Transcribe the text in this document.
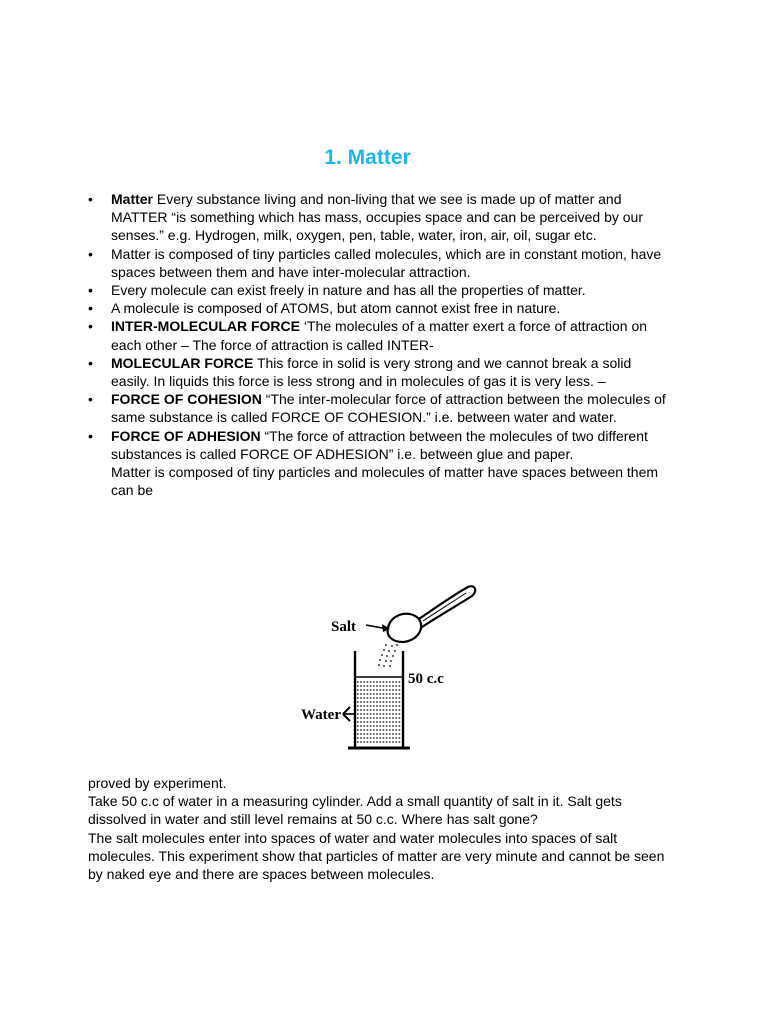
1. Matter
•	Matter Every substance living and non-living that we see is made up of matter and MATTER “is something which has mass, occupies space and can be perceived by our senses.” e.g. Hydrogen, milk, oxygen, pen, table, water, iron, air, oil, sugar etc.
•	Matter is composed of tiny particles called molecules, which are in constant motion, have spaces between them and have inter-molecular attraction.
•	Every molecule can exist freely in nature and has all the properties of matter.
•	A molecule is composed of ATOMS, but atom cannot exist free in nature.
•	INTER-MOLECULAR FORCE ‘The molecules of a matter exert a force of attraction on each other – The force of attraction is called INTER-
•	MOLECULAR FORCE This force in solid is very strong and we cannot break a solid easily. In liquids this force is less strong and in molecules of gas it is very less. –
•	FORCE OF COHESION “The inter-molecular force of attraction between the molecules of same substance is called FORCE OF COHESION.” i.e. between water and water.
•	FORCE OF ADHESION “The force of attraction between the molecules of two different substances is called FORCE OF ADHESION” i.e. between glue and paper.
Matter is composed of tiny particles and molecules of matter have spaces between them can be
Salt
50 c.c
Water

proved by experiment.

Take 50 c.c of water in a measuring cylinder. Add a small quantity of salt in it. Salt gets dissolved in water and still level remains at 50 c.c. Where has salt gone?

The salt molecules enter into spaces of water and water molecules into spaces of salt molecules. This experiment show that particles of matter are very minute and cannot be seen by naked eye and there are spaces between molecules.
